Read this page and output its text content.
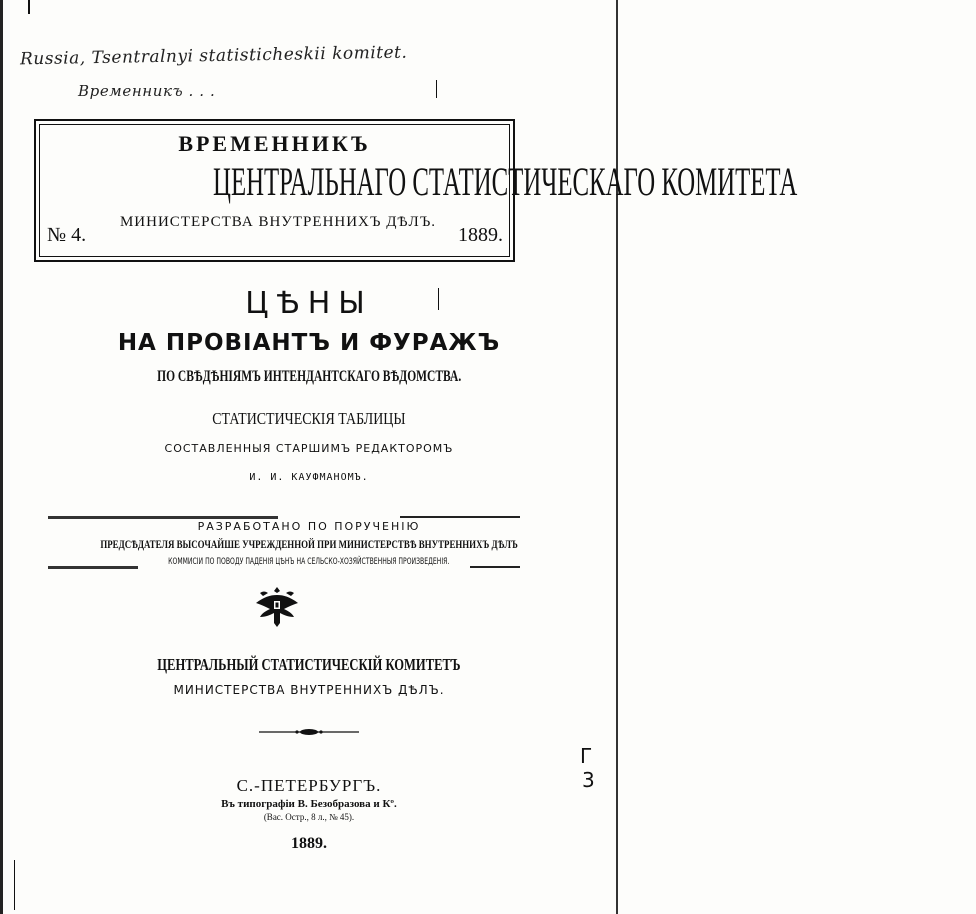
Russia, Tsentralnyi statisticheskii komitet.
Временникъ . . .
ВРЕМЕННИКЪ
ЦЕНТРАЛЬНАГО СТАТИСТИЧЕСКАГО КОМИТЕТА
№ 4.
МИНИСТЕРСТВА ВНУТРЕННИХЪ ДѢЛЪ.
1889.
ЦѢНЫ
НА ПРОВІАНТЪ И ФУРАЖЪ
ПО СВѢДѢНІЯМЪ ИНТЕНДАНТСКАГО ВѢДОМСТВА.
СТАТИСТИЧЕСКІЯ ТАБЛИЦЫ
СОСТАВЛЕННЫЯ СТАРШИМЪ РЕДАКТОРОМЪ
И. И. КАУФМАНОМЪ.
РАЗРАБОТАНО ПО ПОРУЧЕНІЮ
ПРЕДСѢДАТЕЛЯ ВЫСОЧАЙШЕ УЧРЕЖДЕННОЙ ПРИ МИНИСТЕРСТВѢ ВНУТРЕННИХЪ ДѢЛЪ
КОММИСІИ ПО ПОВОДУ ПАДЕНІЯ ЦѢНЪ НА СЕЛЬСКО-ХОЗЯЙСТВЕННЫЯ ПРОИЗВЕДЕНІЯ.
ЦЕНТРАЛЬНЫЙ СТАТИСТИЧЕСКІЙ КОМИТЕТЪ
МИНИСТЕРСТВА ВНУТРЕННИХЪ ДѢЛЪ.
С.-ПЕТЕРБУРГЪ.
Въ типографіи В. Безобразова и Кº.
(Вас. Остр., 8 л., № 45).
1889.
Г
3
